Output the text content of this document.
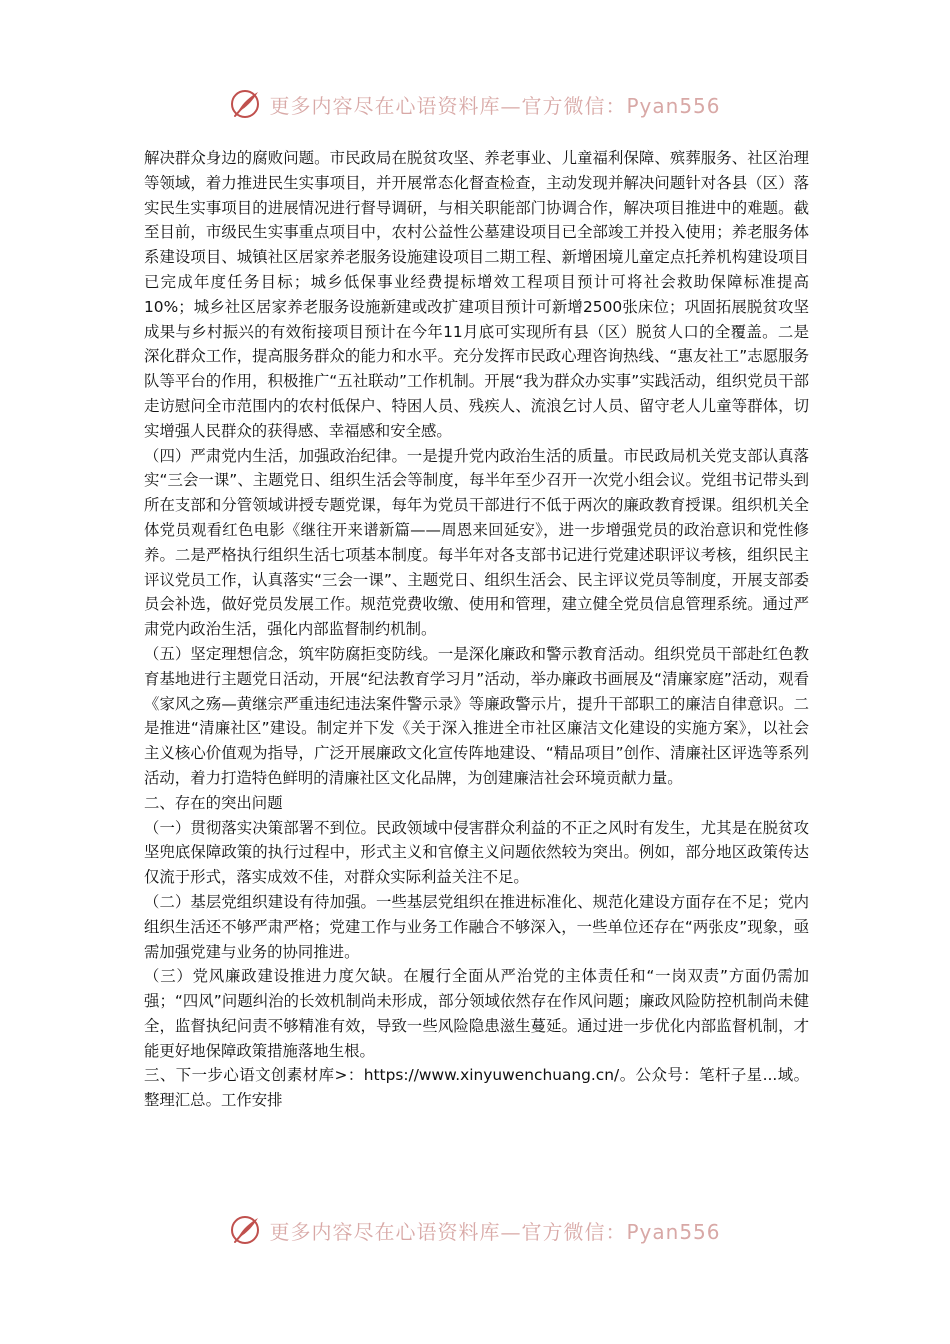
更多内容尽在心语资料库—官方微信：Pyan556

解决群众身边的腐败问题。市民政局在脱贫攻坚、养老事业、儿童福利保障、殡葬服务、社区治理等领域，着力推进民生实事项目，并开展常态化督查检查，主动发现并解决问题针对各县（区）落实民生实事项目的进展情况进行督导调研，与相关职能部门协调合作，解决项目推进中的难题。截至目前，市级民生实事重点项目中，农村公益性公墓建设项目已全部竣工并投入使用；养老服务体系建设项目、城镇社区居家养老服务设施建设项目二期工程、新增困境儿童定点托养机构建设项目已完成年度任务目标；城乡低保事业经费提标增效工程项目预计可将社会救助保障标准提高10%；城乡社区居家养老服务设施新建或改扩建项目预计可新增2500张床位；巩固拓展脱贫攻坚成果与乡村振兴的有效衔接项目预计在今年11月底可实现所有县（区）脱贫人口的全覆盖。二是深化群众工作，提高服务群众的能力和水平。充分发挥市民政心理咨询热线、“惠友社工”志愿服务队等平台的作用，积极推广“五社联动”工作机制。开展“我为群众办实事”实践活动，组织党员干部走访慰问全市范围内的农村低保户、特困人员、残疾人、流浪乞讨人员、留守老人儿童等群体，切实增强人民群众的获得感、幸福感和安全感。

（四）严肃党内生活，加强政治纪律。一是提升党内政治生活的质量。市民政局机关党支部认真落实“三会一课”、主题党日、组织生活会等制度，每半年至少召开一次党小组会议。党组书记带头到所在支部和分管领域讲授专题党课，每年为党员干部进行不低于两次的廉政教育授课。组织机关全体党员观看红色电影《继往开来谱新篇——周恩来回延安》，进一步增强党员的政治意识和党性修养。二是严格执行组织生活七项基本制度。每半年对各支部书记进行党建述职评议考核，组织民主评议党员工作，认真落实“三会一课”、主题党日、组织生活会、民主评议党员等制度，开展支部委员会补选，做好党员发展工作。规范党费收缴、使用和管理，建立健全党员信息管理系统。通过严肃党内政治生活，强化内部监督制约机制。

（五）坚定理想信念，筑牢防腐拒变防线。一是深化廉政和警示教育活动。组织党员干部赴红色教育基地进行主题党日活动，开展“纪法教育学习月”活动，举办廉政书画展及“清廉家庭”活动，观看《家风之殇—黄继宗严重违纪违法案件警示录》等廉政警示片，提升干部职工的廉洁自律意识。二是推进“清廉社区”建设。制定并下发《关于深入推进全市社区廉洁文化建设的实施方案》，以社会主义核心价值观为指导，广泛开展廉政文化宣传阵地建设、“精品项目”创作、清廉社区评选等系列活动，着力打造特色鲜明的清廉社区文化品牌，为创建廉洁社会环境贡献力量。

二、存在的突出问题

（一）贯彻落实决策部署不到位。民政领域中侵害群众利益的不正之风时有发生，尤其是在脱贫攻坚兜底保障政策的执行过程中，形式主义和官僚主义问题依然较为突出。例如，部分地区政策传达仅流于形式，落实成效不佳，对群众实际利益关注不足。

（二）基层党组织建设有待加强。一些基层党组织在推进标准化、规范化建设方面存在不足；党内组织生活还不够严肃严格；党建工作与业务工作融合不够深入，一些单位还存在“两张皮”现象，亟需加强党建与业务的协同推进。

（三）党风廉政建设推进力度欠缺。在履行全面从严治党的主体责任和“一岗双责”方面仍需加强；“四风”问题纠治的长效机制尚未形成，部分领域依然存在作风问题；廉政风险防控机制尚未健全，监督执纪问责不够精准有效，导致一些风险隐患滋生蔓延。通过进一步优化内部监督机制，才能更好地保障政策措施落地生根。

三、下一步心语文创素材库>：https://www.xinyuwenchuang.cn/。公众号：笔杆子星...域。整理汇总。工作安排

更多内容尽在心语资料库—官方微信：Pyan556
